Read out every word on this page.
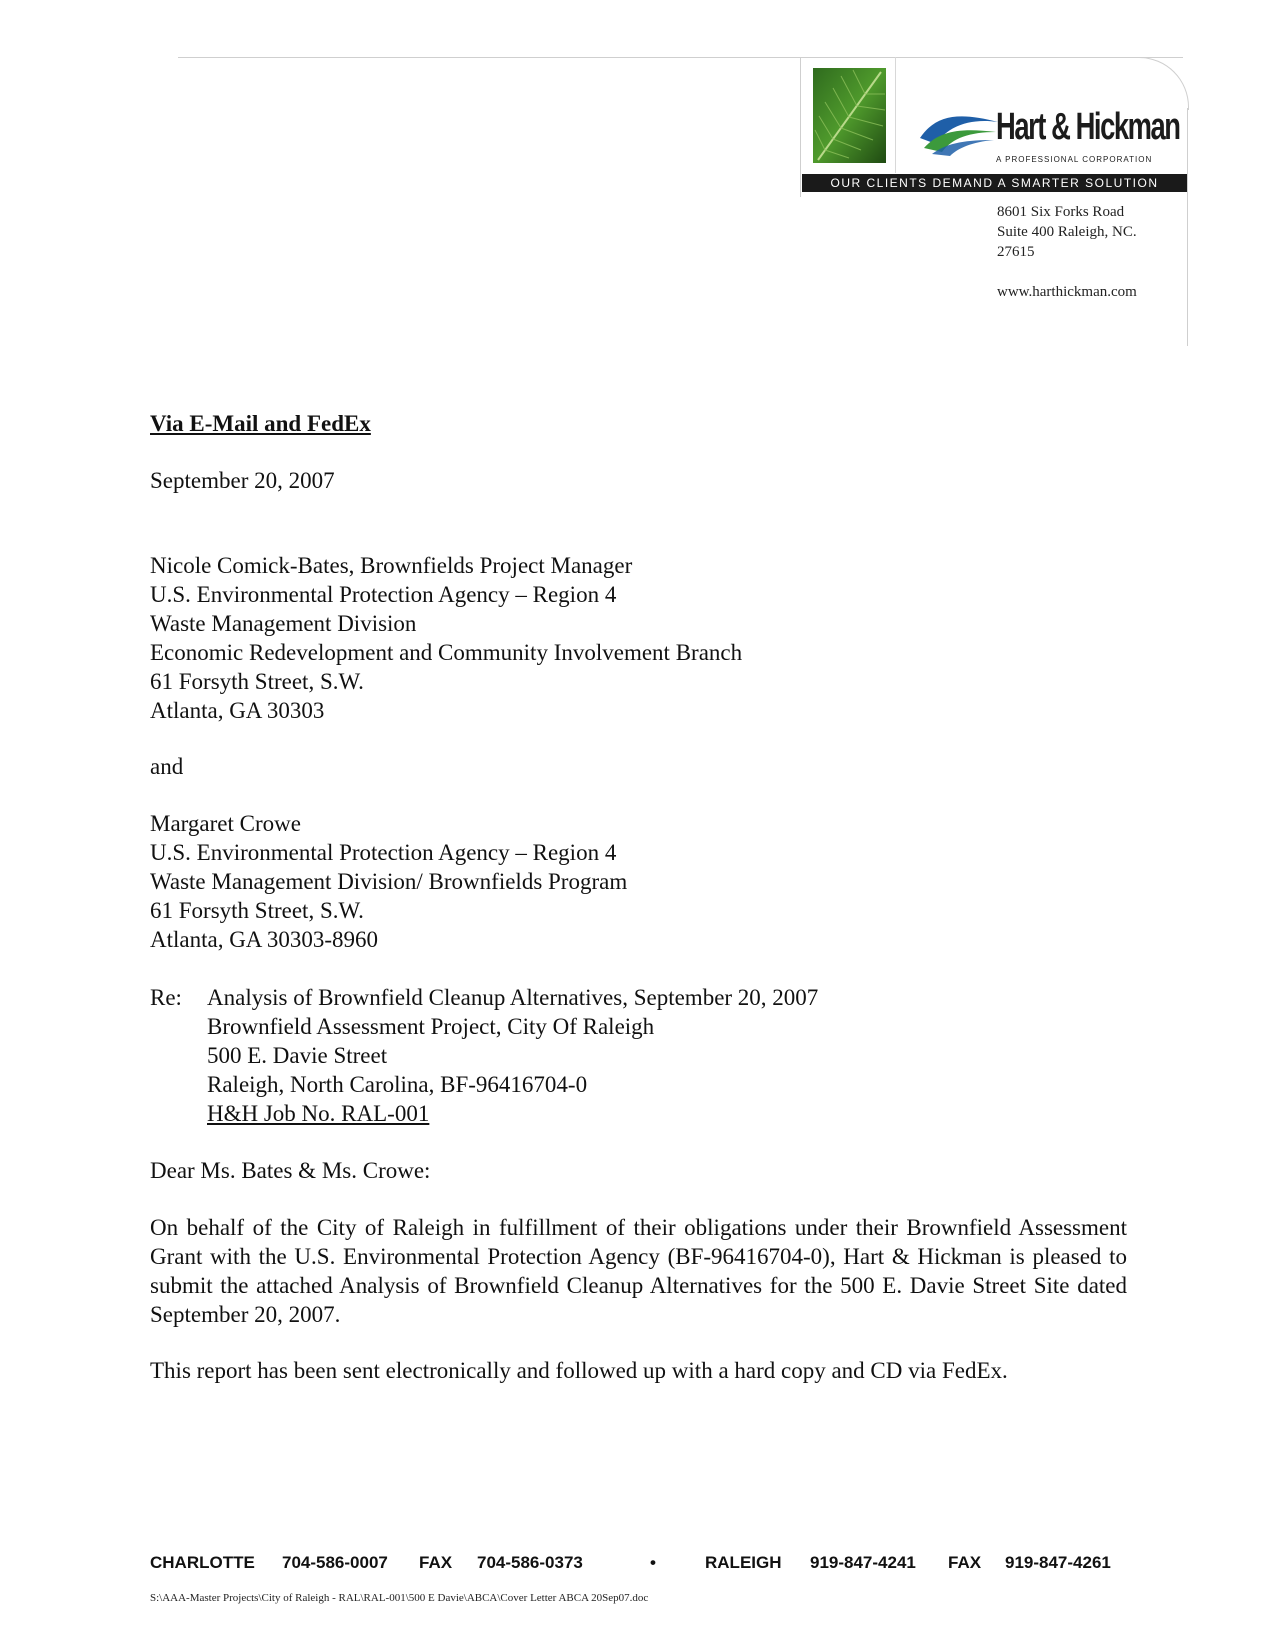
Hart & Hickman
A PROFESSIONAL CORPORATION
OUR CLIENTS DEMAND A SMARTER SOLUTION
8601 Six Forks Road
Suite 400 Raleigh, NC.
27615
www.harthickman.com
Via E-Mail and FedEx
September 20, 2007
Nicole Comick-Bates, Brownfields Project Manager
U.S. Environmental Protection Agency – Region 4
Waste Management Division
Economic Redevelopment and Community Involvement Branch
61 Forsyth Street, S.W.
Atlanta, GA 30303
and
Margaret Crowe
U.S. Environmental Protection Agency – Region 4
Waste Management Division/ Brownfields Program
61 Forsyth Street, S.W.
Atlanta, GA 30303-8960
Re: Analysis of Brownfield Cleanup Alternatives, September 20, 2007
Brownfield Assessment Project, City Of Raleigh
500 E. Davie Street
Raleigh, North Carolina, BF-96416704-0
H&H Job No. RAL-001
Dear Ms. Bates & Ms. Crowe:
On behalf of the City of Raleigh in fulfillment of their obligations under their Brownfield Assessment Grant with the U.S. Environmental Protection Agency (BF-96416704-0), Hart & Hickman is pleased to submit the attached Analysis of Brownfield Cleanup Alternatives for the 500 E. Davie Street Site dated September 20, 2007.
This report has been sent electronically and followed up with a hard copy and CD via FedEx.
CHARLOTTE 704-586-0007 FAX 704-586-0373	•	RALEIGH 919-847-4241 FAX 919-847-4261
S:\AAA-Master Projects\City of Raleigh - RAL\RAL-001\500 E Davie\ABCA\Cover Letter ABCA 20Sep07.doc
